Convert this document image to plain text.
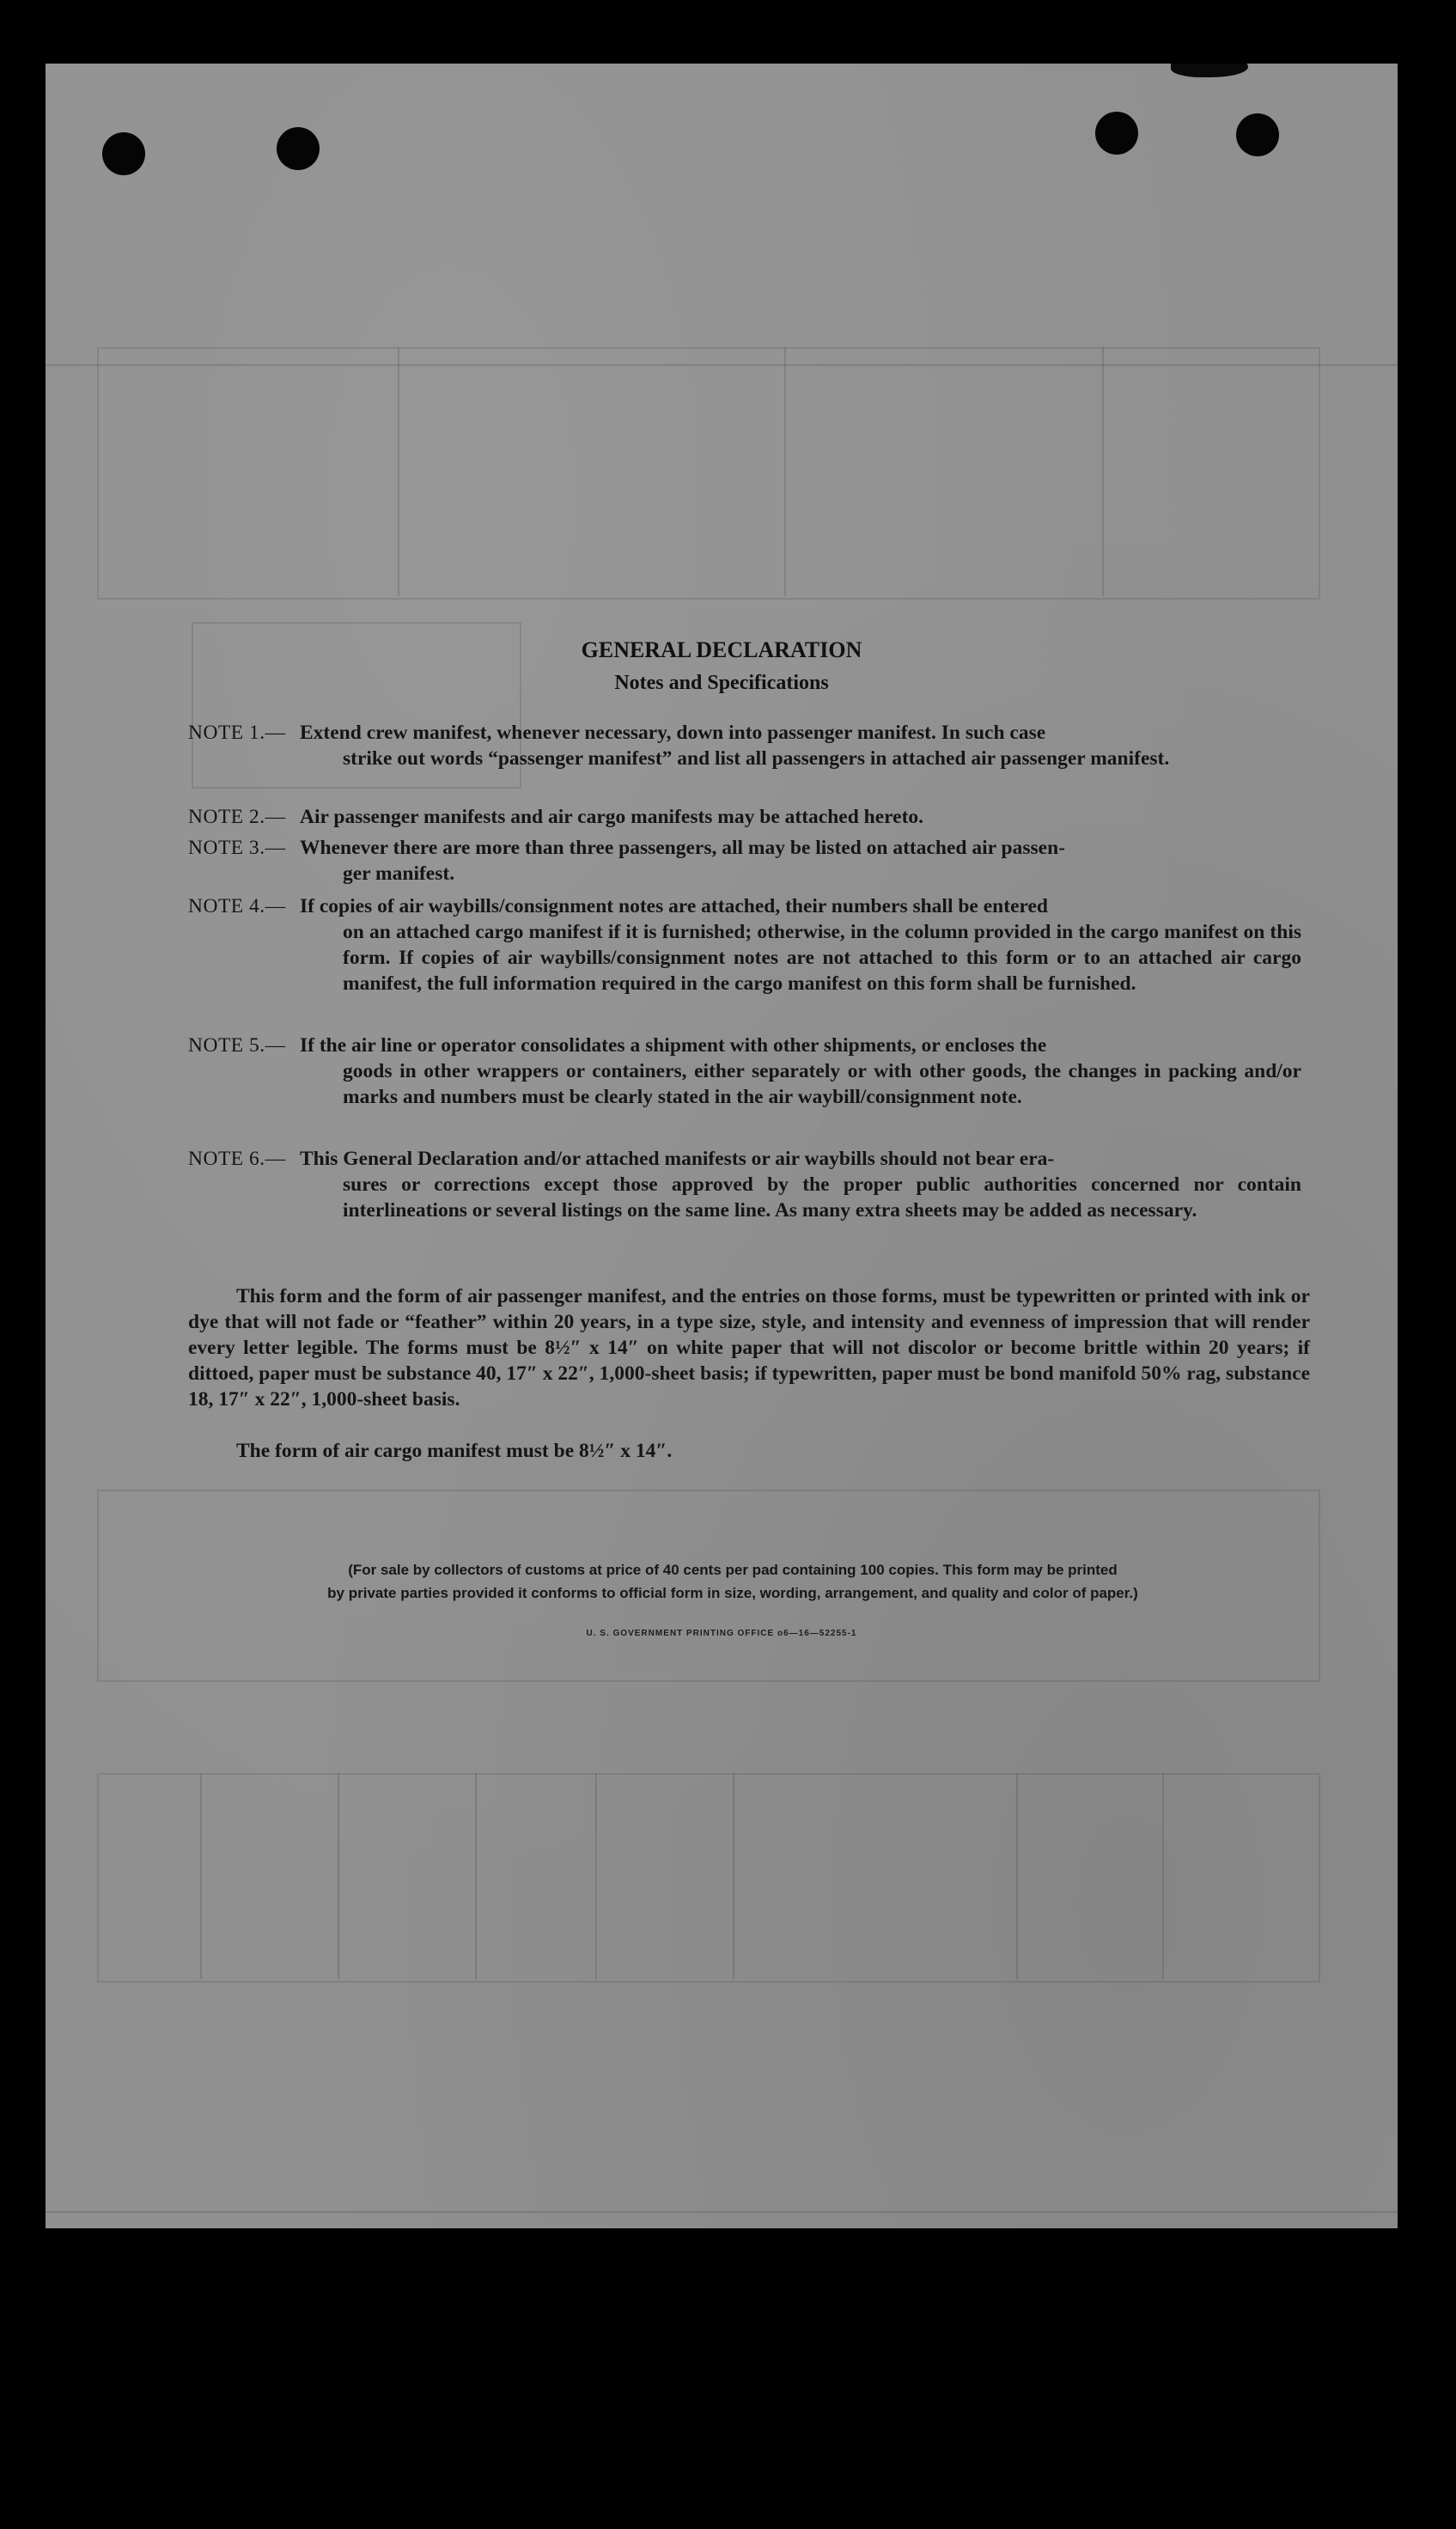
GENERAL DECLARATION
Notes and Specifications
NOTE 1.— Extend crew manifest, whenever necessary, down into passenger manifest. In such case
strike out words “passenger manifest” and list all passengers in attached air passenger manifest.
NOTE 2.— Air passenger manifests and air cargo manifests may be attached hereto.
NOTE 3.— Whenever there are more than three passengers, all may be listed on attached air passen-
ger manifest.
NOTE 4.— If copies of air waybills/consignment notes are attached, their numbers shall be entered
on an attached cargo manifest if it is furnished; otherwise, in the column provided in the cargo manifest on this form. If copies of air waybills/consignment notes are not attached to this form or to an attached air cargo manifest, the full information required in the cargo manifest on this form shall be furnished.
NOTE 5.— If the air line or operator consolidates a shipment with other shipments, or encloses the
goods in other wrappers or containers, either separately or with other goods, the changes in packing and/or marks and numbers must be clearly stated in the air waybill/consignment note.
NOTE 6.— This General Declaration and/or attached manifests or air waybills should not bear era-
sures or corrections except those approved by the proper public authorities concerned nor contain interlineations or several listings on the same line. As many extra sheets may be added as necessary.
This form and the form of air passenger manifest, and the entries on those forms, must be typewritten or printed with ink or dye that will not fade or “feather” within 20 years, in a type size, style, and intensity and evenness of impression that will render every letter legible. The forms must be 8½″ x 14″ on white paper that will not discolor or become brittle within 20 years; if dittoed, paper must be substance 40, 17″ x 22″, 1,000-sheet basis; if typewritten, paper must be bond manifold 50% rag, substance 18, 17″ x 22″, 1,000-sheet basis.
The form of air cargo manifest must be 8½″ x 14″.
(For sale by collectors of customs at price of 40 cents per pad containing 100 copies. This form may be printed
by private parties provided it conforms to official form in size, wording, arrangement, and quality and color of paper.)
U. S. GOVERNMENT PRINTING OFFICE o6—16—52255-1
